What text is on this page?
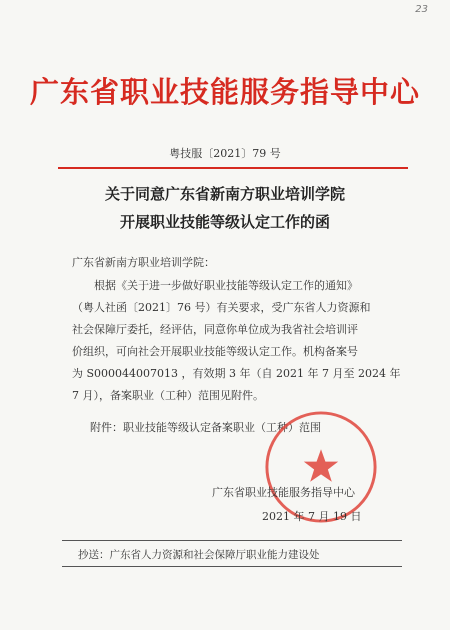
23
广东省职业技能服务指导中心
粤技服〔2021〕79 号
关于同意广东省新南方职业培训学院
开展职业技能等级认定工作的函
广东省新南方职业培训学院：
根据《关于进一步做好职业技能等级认定工作的通知》
（粤人社函〔2021〕76 号）有关要求，受广东省人力资源和
社会保障厅委托，经评估，同意你单位成为我省社会培训评
价组织，可向社会开展职业技能等级认定工作。机构备案号
为 S000044007013 ，有效期 3 年（自 2021 年 7 月至 2024 年
7 月），备案职业（工种）范围见附件。
附件：职业技能等级认定备案职业（工种）范围
广东省职业技能服务指导中心
2021 年 7 月 19 日
抄送：广东省人力资源和社会保障厅职业能力建设处
